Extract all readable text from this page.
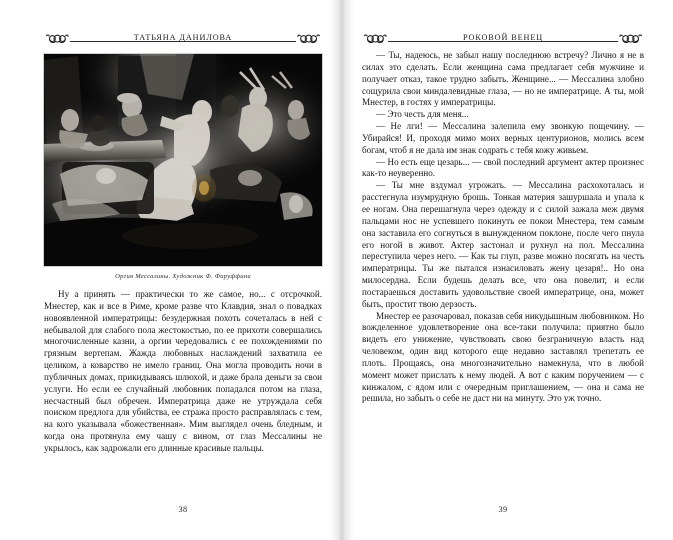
ТАТЬЯНА ДАНИЛОВА
Оргия Мессалины. Художник Ф. Фаруффини

Ну а принять — практически то же самое, но... с отсрочкой. Мнестер, как и все в Риме, кроме разве что Клавдия, знал о повадках новоявленной императрицы: безудержная похоть сочеталась в ней с небывалой для слабого пола жестокостью, по ее прихоти совершались многочисленные казни, а оргии чередовались с ее похождениями по грязным вертепам. Жажда любовных наслаждений захватила ее целиком, а коварство не имело границ. Она могла проводить ночи в публичных домах, прикидываясь шлюхой, и даже брала деньги за свои услуги. Но если ее случайный любовник попадался потом на глаза, несчастный был обречен. Императрица даже не утруждала себя поиском предлога для убийства, ее стража просто расправлялась с тем, на кого указывала «божественная». Мим выглядел очень бледным, и когда она протянула ему чашу с вином, от глаз Мессалины не укрылось, как задрожали его длинные красивые пальцы.

38
РОКОВОЙ ВЕНЕЦ

— Ты, надеюсь, не забыл нашу последнюю встречу? Лично я не в силах это сделать. Если женщина сама предлагает себя мужчине и получает отказ, такое трудно забыть. Женщине... — Мессалина злобно сощурила свои миндалевидные глаза, — но не императрице. А ты, мой Мнестер, в гостях у императрицы.

— Это честь для меня...

— Не лги! — Мессалина залепила ему звонкую пощечину. — Убирайся! И, проходя мимо моих верных центурионов, молись всем богам, чтоб я не дала им знак содрать с тебя кожу живьем.

— Но есть еще цезарь... — свой последний аргумент актер произнес как-то неуверенно.

— Ты мне вздумал угрожать. — Мессалина расхохоталась и расстегнула изумрудную брошь. Тонкая материя зашуршала и упала к ее ногам. Она перешагнула через одежду и с силой зажала меж двумя пальцами нос не успевшего покинуть ее покои Мнестера, тем самым она заставила его согнуться в вынужденном поклоне, после чего пнула его ногой в живот. Актер застонал и рухнул на пол. Мессалина переступила через него. — Как ты глуп, разве можно посягать на честь императрицы. Ты же пытался изнасиловать жену цезаря!.. Но она милосердна. Если будешь делать все, что она повелит, и если постараешься доставить удовольствие своей императрице, она, может быть, простит твою дерзость.

Мнестер ее разочаровал, показав себя никудышным любовником. Но вожделенное удовлетворение она все-таки получила: приятно было видеть его унижение, чувствовать свою безграничную власть над человеком, один вид которого еще недавно заставлял трепетать ее плоть. Прощаясь, она многозначительно намекнула, что в любой момент может прислать к нему людей. А вот с каким поручением — с кинжалом, с ядом или с очередным приглашением, — она и сама не решила, но забыть о себе не даст ни на минуту. Это уж точно.

39
